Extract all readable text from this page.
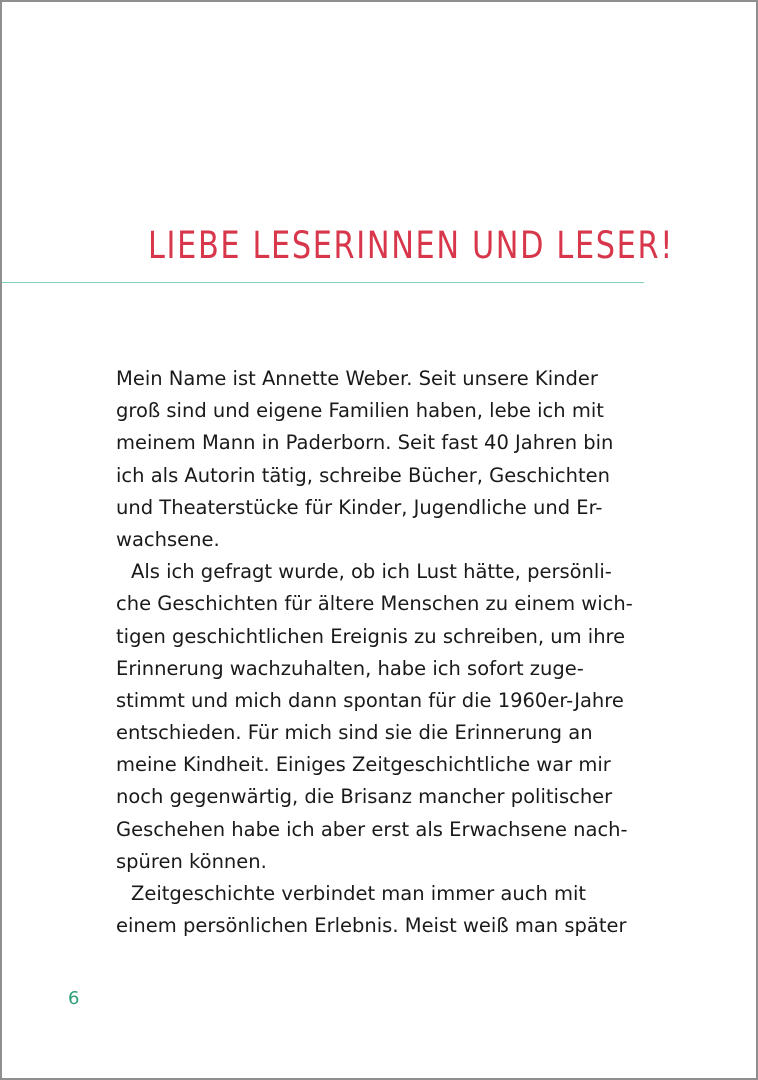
LIEBE LESERINNEN UND LESER!
Mein Name ist Annette Weber. Seit unsere Kinder
groß sind und eigene Familien haben, lebe ich mit
meinem Mann in Paderborn. Seit fast 40 Jahren bin
ich als Autorin tätig, schreibe Bücher, Geschichten
und Theaterstücke für Kinder, Jugendliche und Er-
wachsene.
Als ich gefragt wurde, ob ich Lust hätte, persönli-
che Geschichten für ältere Menschen zu einem wich-
tigen geschichtlichen Ereignis zu schreiben, um ihre
Erinnerung wachzuhalten, habe ich sofort zuge-
stimmt und mich dann spontan für die 1960er-Jahre
entschieden. Für mich sind sie die Erinnerung an
meine Kindheit. Einiges Zeitgeschichtliche war mir
noch gegenwärtig, die Brisanz mancher politischer
Geschehen habe ich aber erst als Erwachsene nach-
spüren können.
Zeitgeschichte verbindet man immer auch mit
einem persönlichen Erlebnis. Meist weiß man später
6
